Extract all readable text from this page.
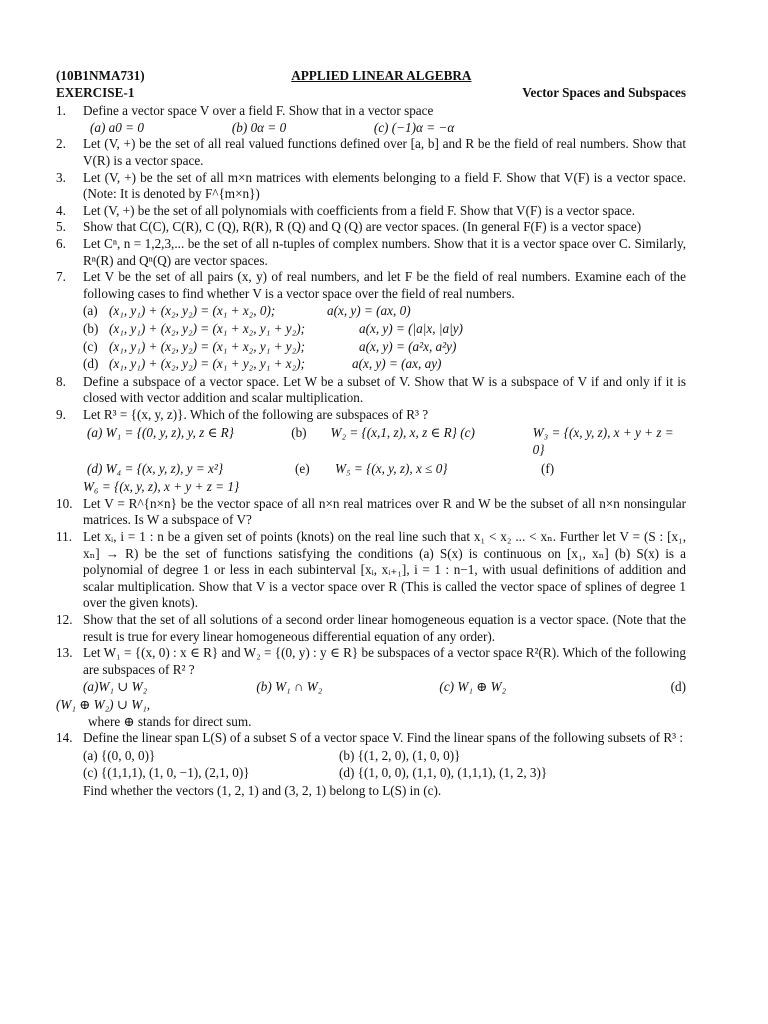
(10B1NMA731)	APPLIED LINEAR ALGEBRA
EXERCISE-1	Vector Spaces and Subspaces
1.	Define a vector space V over a field F. Show that in a vector space
(a) a0 = 0	(b) 0α = 0	(c) (−1)α = −α
2.	Let (V, +) be the set of all real valued functions defined over [a, b] and R be the field of real numbers. Show that V(R) is a vector space.
3.	Let (V, +) be the set of all m×n matrices with elements belonging to a field F. Show that V(F) is a vector space. (Note: It is denoted by F^{m×n})
4.	Let (V, +) be the set of all polynomials with coefficients from a field F. Show that V(F) is a vector space.
5.	Show that C(C), C(R), C (Q), R(R), R (Q) and Q (Q) are vector spaces. (In general F(F) is a vector space)
6.	Let Cⁿ, n = 1,2,3,... be the set of all n-tuples of complex numbers. Show that it is a vector space over C. Similarly, Rⁿ(R) and Qⁿ(Q) are vector spaces.
7.	Let V be the set of all pairs (x, y) of real numbers, and let F be the field of real numbers. Examine each of the following cases to find whether V is a vector space over the field of real numbers.
(a) (x₁, y₁) + (x₂, y₂) = (x₁ + x₂, 0);	a(x, y) = (ax, 0)
(b) (x₁, y₁) + (x₂, y₂) = (x₁ + x₂, y₁ + y₂);	a(x, y) = (|a|x, |a|y)
(c) (x₁, y₁) + (x₂, y₂) = (x₁ + x₂, y₁ + y₂);	a(x, y) = (a²x, a²y)
(d) (x₁, y₁) + (x₂, y₂) = (x₁ + y₂, y₁ + x₂);	a(x, y) = (ax, ay)
8.	Define a subspace of a vector space. Let W be a subset of V. Show that W is a subspace of V if and only if it is closed with vector addition and scalar multiplication.
9.	Let R³ = {(x, y, z)}. Which of the following are subspaces of R³ ?
(a) W₁ = {(0, y, z), y, z ∈ R}	(b)	W₂ = {(x,1, z), x, z ∈ R} (c)	W₃ = {(x, y, z), x + y + z = 0}
(d) W₄ = {(x, y, z), y = x²}	(e)	W₅ = {(x, y, z), x ≤ 0}	(f)
W₆ = {(x, y, z), x + y + z = 1}
10. Let V = R^{n×n} be the vector space of all n×n real matrices over R and W be the subset of all n×n nonsingular matrices. Is W a subspace of V?
11. Let xᵢ, i = 1 : n be a given set of points (knots) on the real line such that x₁ < x₂ ... < xₙ. Further let V = (S : [x₁, xₙ] → R) be the set of functions satisfying the conditions (a) S(x) is continuous on [x₁, xₙ] (b) S(x) is a polynomial of degree 1 or less in each subinterval [xᵢ, xᵢ₊₁], i = 1 : n−1, with usual definitions of addition and scalar multiplication. Show that V is a vector space over R (This is called the vector space of splines of degree 1 over the given knots).
12. Show that the set of all solutions of a second order linear homogeneous equation is a vector space. (Note that the result is true for every linear homogeneous differential equation of any order).
13. Let W₁ = {(x, 0) : x ∈ R} and W₂ = {(0, y) : y ∈ R} be subspaces of a vector space R²(R). Which of the following are subspaces of R² ?
(a)W₁ ∪ W₂	(b) W₁ ∩ W₂	(c) W₁ ⊕ W₂	(d)
(W₁ ⊕ W₂) ∪ W₁,
where ⊕ stands for direct sum.
14. Define the linear span L(S) of a subset S of a vector space V. Find the linear spans of the following subsets of R³ :
(a) {(0, 0, 0)}	(b) {(1, 2, 0), (1, 0, 0)}
(c) {(1,1,1), (1, 0, −1), (2,1, 0)}	(d) {(1, 0, 0), (1,1, 0), (1,1,1), (1, 2, 3)}
Find whether the vectors (1, 2, 1) and (3, 2, 1) belong to L(S) in (c).
